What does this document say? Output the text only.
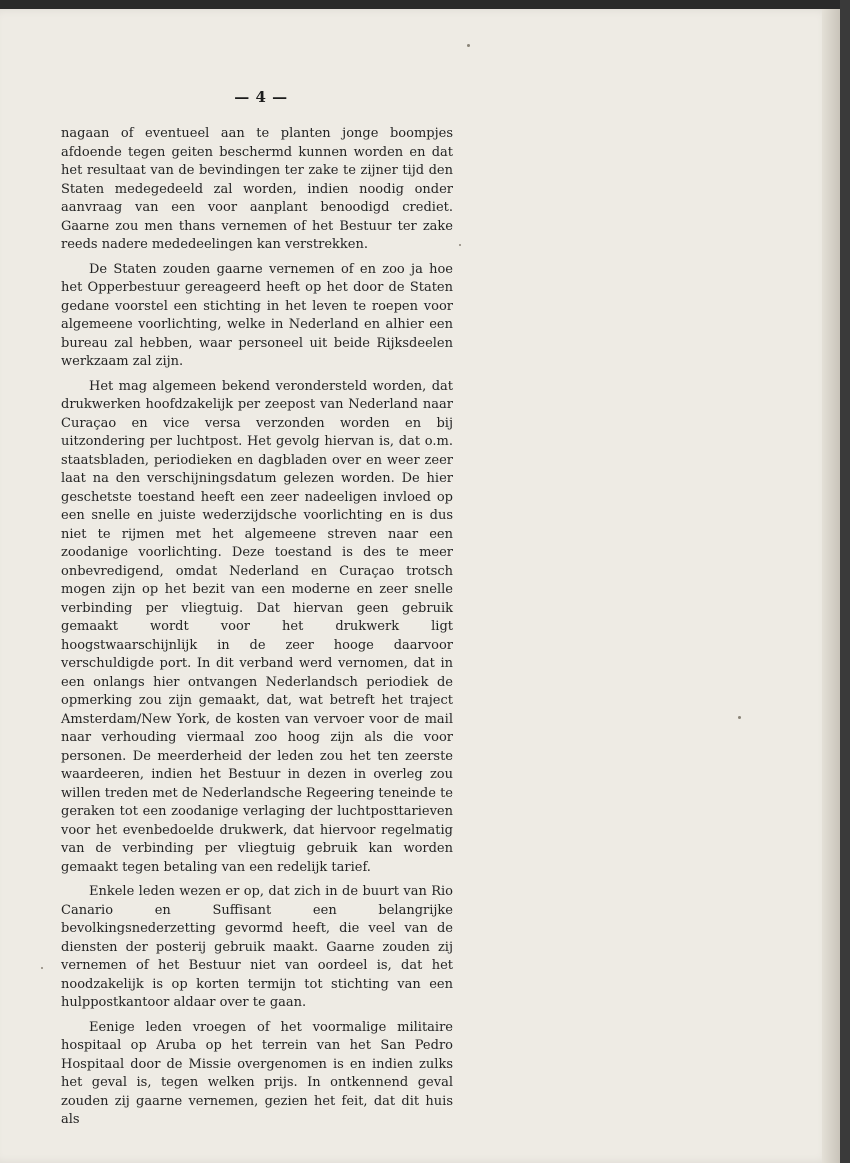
— 4 —

nagaan of eventueel aan te planten jonge boompjes afdoende tegen geiten beschermd kunnen worden en dat het resultaat van de bevindingen ter zake te zijner tijd den Staten medegedeeld zal worden, indien noodig onder aanvraag van een voor aanplant benoodigd crediet. Gaarne zou men thans vernemen of het Bestuur ter zake reeds nadere mededeelingen kan verstrekken.

De Staten zouden gaarne vernemen of en zoo ja hoe het Opperbestuur gereageerd heeft op het door de Staten gedane voorstel een stichting in het leven te roepen voor algemeene voorlichting, welke in Nederland en alhier een bureau zal hebben, waar personeel uit beide Rijksdeelen werkzaam zal zijn.

Het mag algemeen bekend verondersteld worden, dat drukwerken hoofdzakelijk per zeepost van Nederland naar Curaçao en vice versa verzonden worden en bij uitzondering per luchtpost. Het gevolg hiervan is, dat o.m. staatsbladen, periodieken en dagbladen over en weer zeer laat na den verschijningsdatum gelezen worden. De hier geschetste toestand heeft een zeer nadeeligen invloed op een snelle en juiste wederzijdsche voorlichting en is dus niet te rijmen met het algemeene streven naar een zoodanige voorlichting. Deze toestand is des te meer onbevredigend, omdat Nederland en Curaçao trotsch mogen zijn op het bezit van een moderne en zeer snelle verbinding per vliegtuig. Dat hiervan geen gebruik gemaakt wordt voor het drukwerk ligt hoogstwaarschijnlijk in de zeer hooge daarvoor verschuldigde port. In dit verband werd vernomen, dat in een onlangs hier ontvangen Nederlandsch periodiek de opmerking zou zijn gemaakt, dat, wat betreft het traject Amsterdam/New York, de kosten van vervoer voor de mail naar verhouding viermaal zoo hoog zijn als die voor personen. De meerderheid der leden zou het ten zeerste waardeeren, indien het Bestuur in dezen in overleg zou willen treden met de Nederlandsche Regeering teneinde te geraken tot een zoodanige verlaging der luchtposttarieven voor het evenbedoelde drukwerk, dat hiervoor regelmatig van de verbinding per vliegtuig gebruik kan worden gemaakt tegen betaling van een redelijk tarief.

Enkele leden wezen er op, dat zich in de buurt van Rio Canario en Suffisant een belangrijke bevolkingsnederzetting gevormd heeft, die veel van de diensten der posterij gebruik maakt. Gaarne zouden zij vernemen of het Bestuur niet van oordeel is, dat het noodzakelijk is op korten termijn tot stichting van een hulppostkantoor aldaar over te gaan.

Eenige leden vroegen of het voormalige militaire hospitaal op Aruba op het terrein van het San Pedro Hospitaal door de Missie overgenomen is en indien zulks het geval is, tegen welken prijs. In ontkennend geval zouden zij gaarne vernemen, gezien het feit, dat dit huis als
